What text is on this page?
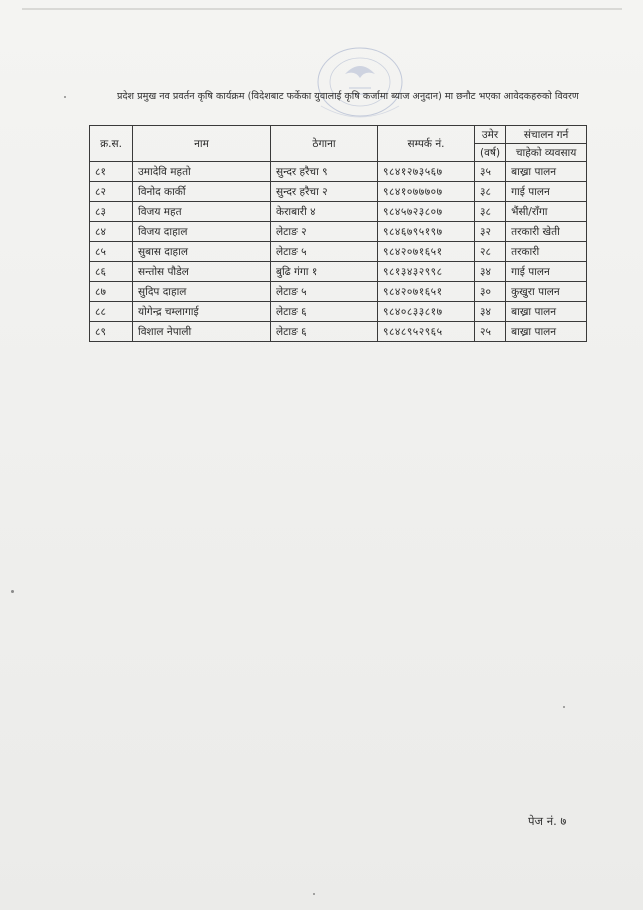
प्रदेश प्रमुख नव प्रवर्तन कृषि कार्यक्रम (विदेशबाट फर्केका युवालाई कृषि कर्जामा ब्याज अनुदान) मा छनौट भएका आवेदकहरुको विवरण
क्र.स.	नाम	ठेगाना	सम्पर्क नं.	उमेर	संचालन गर्न
				(वर्ष)	चाहेको व्यवसाय
८१	उमादेवि महतो	सुन्दर हरैचा ९	९८४१२७३५६७	३५	बाख्रा पालन
८२	विनोद कार्की	सुन्दर हरैचा २	९८४१०७७७०७	३८	गाई पालन
८३	विजय महत	केराबारी ४	९८४५७२३८०७	३८	भैंसी/राँगा
८४	विजय दाहाल	लेटाङ २	९८४६७९५१९७	३२	तरकारी खेती
८५	सुबास दाहाल	लेटाङ ५	९८४२०७१६५१	२८	तरकारी
८६	सन्तोस पौडेल	बुढि गंगा १	९८१३४३२९९८	३४	गाई पालन
८७	सुदिप दाहाल	लेटाङ ५	९८४२०७१६५१	३०	कुखुरा पालन
८८	योगेन्द्र चम्लागाई	लेटाङ ६	९८४०८३३८१७	३४	बाख्रा पालन
८९	विशाल नेपाली	लेटाङ ६	९८४८९५२९६५	२५	बाख्रा पालन
पेज नं. ७
